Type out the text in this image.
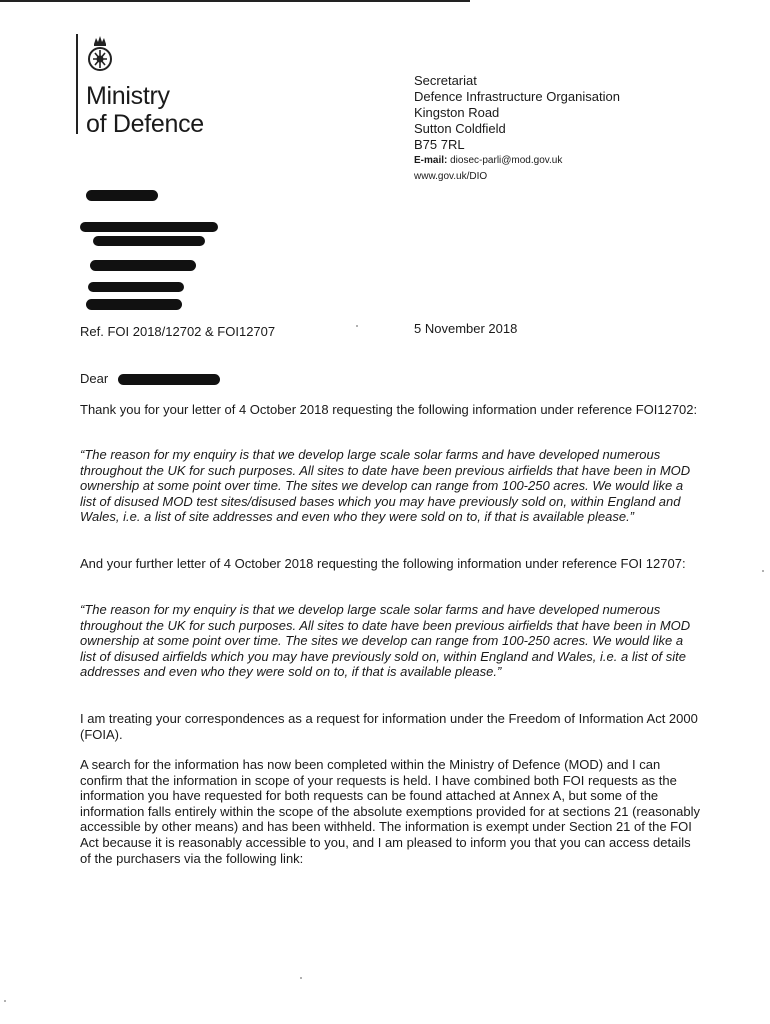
Ministry
of Defence
Secretariat
Defence Infrastructure Organisation
Kingston Road
Sutton Coldfield
B75 7RL
E-mail: diosec-parli@mod.gov.uk
www.gov.uk/DIO
Ref. FOI 2018/12702 & FOI12707	5 November 2018
Dear
Thank you for your letter of 4 October 2018 requesting the following information under reference FOI12702:
“The reason for my enquiry is that we develop large scale solar farms and have developed numerous throughout the UK for such purposes. All sites to date have been previous airfields that have been in MOD ownership at some point over time. The sites we develop can range from 100-250 acres. We would like a list of disused MOD test sites/disused bases which you may have previously sold on, within England and Wales, i.e. a list of site addresses and even who they were sold on to, if that is available please.”
And your further letter of 4 October 2018 requesting the following information under reference FOI 12707:
“The reason for my enquiry is that we develop large scale solar farms and have developed numerous throughout the UK for such purposes. All sites to date have been previous airfields that have been in MOD ownership at some point over time. The sites we develop can range from 100-250 acres. We would like a list of disused airfields which you may have previously sold on, within England and Wales, i.e. a list of site addresses and even who they were sold on to, if that is available please.”
I am treating your correspondences as a request for information under the Freedom of Information Act 2000 (FOIA).
A search for the information has now been completed within the Ministry of Defence (MOD) and I can confirm that the information in scope of your requests is held. I have combined both FOI requests as the information you have requested for both requests can be found attached at Annex A, but some of the information falls entirely within the scope of the absolute exemptions provided for at sections 21 (reasonably accessible by other means) and has been withheld. The information is exempt under Section 21 of the FOI Act because it is reasonably accessible to you, and I am pleased to inform you that you can access details of the purchasers via the following link:
